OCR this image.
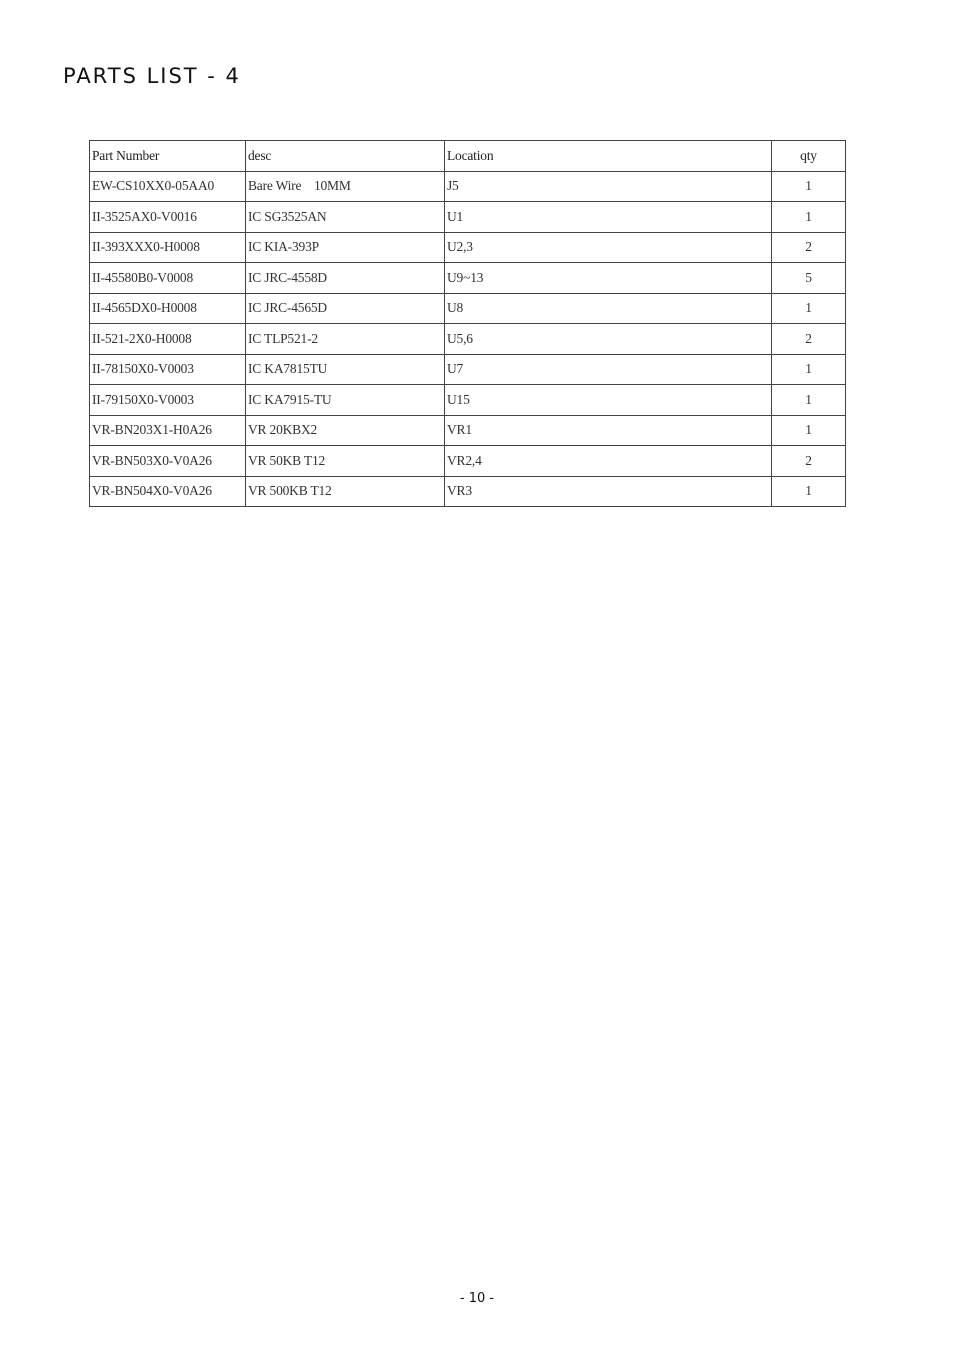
PARTS LIST - 4
Part Number	desc	Location	qty
EW-CS10XX0-05AA0	Bare Wire    10MM	J5	1
II-3525AX0-V0016	IC SG3525AN	U1	1
II-393XXX0-H0008	IC KIA-393P	U2,3	2
II-45580B0-V0008	IC JRC-4558D	U9~13	5
II-4565DX0-H0008	IC JRC-4565D	U8	1
II-521-2X0-H0008	IC TLP521-2	U5,6	2
II-78150X0-V0003	IC KA7815TU	U7	1
II-79150X0-V0003	IC KA7915-TU	U15	1
VR-BN203X1-H0A26	VR 20KBX2	VR1	1
VR-BN503X0-V0A26	VR 50KB T12	VR2,4	2
VR-BN504X0-V0A26	VR 500KB T12	VR3	1
- 10 -
